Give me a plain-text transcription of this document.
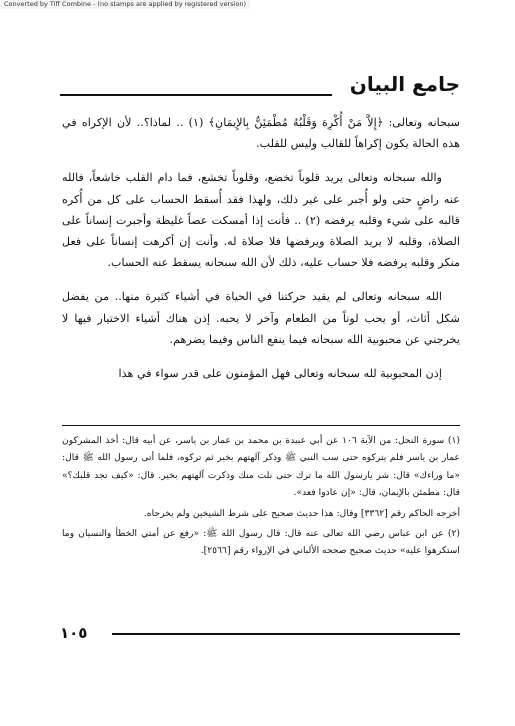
Converted by Tiff Combine - (no stamps are applied by registered version)
جامع البيان

سبحانه وتعالى: ﴿إِلاَّ مَنْ أُكْرِهَ وَقَلْبُهُ مُطْمَئِنٌّ بِالإِيمَانِ﴾ (١) .. لماذا؟.. لأن الإكراه في هذه الحالة يكون إكراهاً للقالب وليس للقلب.

والله سبحانه وتعالى يريد قلوباً تخضع، وقلوباً تخشع، فما دام القلب خاشعاً، فالله عنه راضٍ حتى ولو أُجبر على غير ذلك، ولهذا فقد أُسقط الحساب على كل من أُكره قالبه على شيء وقلبه يرفضه (٢) .. فأنت إذا أمسكت عصاً غليظة وأجبرت إنساناً على الصلاة، وقلبه لا يريد الصلاة ويرفضها فلا صلاة له. وأنت إن أكرهت إنساناً على فعل منكر وقلبه يرفضه فلا حساب عليه، ذلك لأن الله سبحانه يسقط عنه الحساب.

الله سبحانه وتعالى لم يقيد حركتنا في الحياة في أشياء كثيرة منها.. من يفضل شكل أثاث، أو يحب لوناً من الطعام وآخر لا يحبه. إذن هناك أشياء الاختيار فيها لا يخرجني عن محبوبية الله سبحانه فيما ينفع الناس وفيما يضرهم.

إذن المحبوبية لله سبحانه وتعالى فهل المؤمنون على قدر سواء في هذا

(١) سورة النحل: من الآية ١٠٦ عن أبي عبيدة بن محمد بن عمار بن ياسر، عن أبيه قال: أخذ المشركون عمار بن ياسر فلم يتركوه حتى سب النبي ﷺ وذكر آلهتهم بخير ثم تركوه، فلما أتى رسول الله ﷺ قال: «ما وراءك» قال: شر يارسول الله ما ترك حتى نلت منك وذكرت آلهتهم بخير. قال: «كيف تجد قلبك؟» قال: مطمئن بالإيمان، قال: «إن عادوا فعد».

أخرجه الحاكم رقم [٣٣٦٢] وقال: هذا حديث صحيح على شرط الشيخين ولم يخرجاه.

(٢) عن ابن عباس رضي الله تعالى عنه قال: قال رسول الله ﷺ: «رفع عن أمتي الخطأ والنسيان وما استكرهوا عليه» حديث صحيح صححه الألباني في الإرواء رقم [٢٥٦٦].

١٠٥
